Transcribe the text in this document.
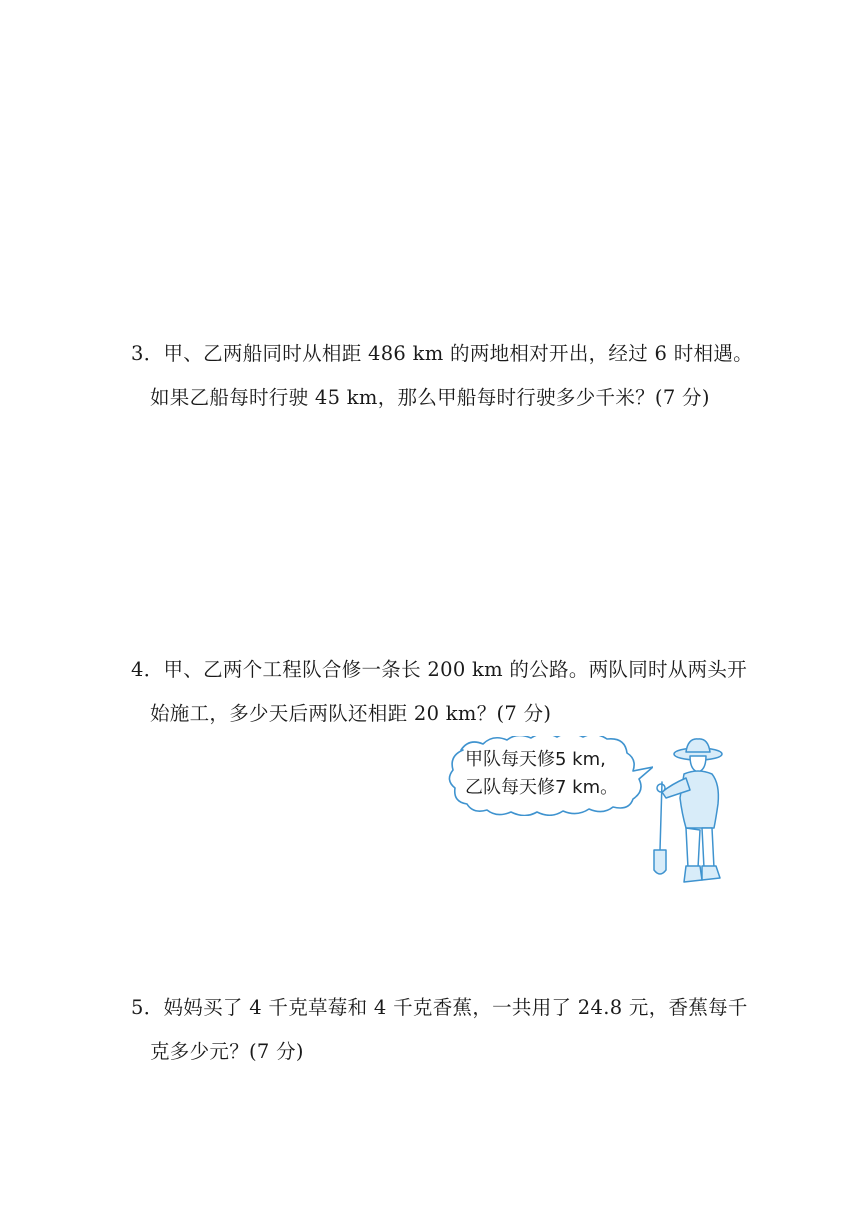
3．甲、乙两船同时从相距 486 km 的两地相对开出，经过 6 时相遇。
如果乙船每时行驶 45 km，那么甲船每时行驶多少千米？(7 分)
4．甲、乙两个工程队合修一条长 200 km 的公路。两队同时从两头开
始施工，多少天后两队还相距 20 km？(7 分)
甲队每天修5 km,
乙队每天修7 km。
5．妈妈买了 4 千克草莓和 4 千克香蕉，一共用了 24.8 元，香蕉每千
克多少元？(7 分)
